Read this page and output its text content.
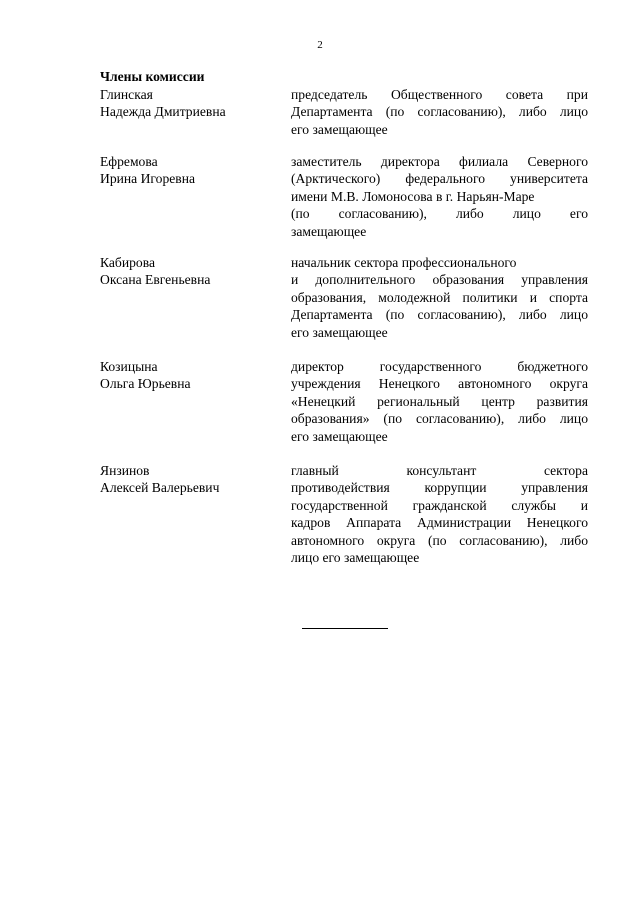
2
Члены комиссии
Глинская
Надежда Дмитриевна
председатель Общественного совета при
Департамента (по согласованию), либо лицо
его замещающее
Ефремова
Ирина Игоревна
заместитель директора филиала Северного
(Арктического) федерального университета
имени М.В. Ломоносова в г. Нарьян-Маре
(по согласованию), либо лицо его
замещающее
Кабирова
Оксана Евгеньевна
начальник сектора профессионального
и дополнительного образования управления
образования, молодежной политики и спорта
Департамента (по согласованию), либо лицо
его замещающее
Козицына
Ольга Юрьевна
директор государственного бюджетного
учреждения Ненецкого автономного округа
«Ненецкий региональный центр развития
образования» (по согласованию), либо лицо
его замещающее
Янзинов
Алексей Валерьевич
главный консультант сектора
противодействия коррупции управления
государственной гражданской службы и
кадров Аппарата Администрации Ненецкого
автономного округа (по согласованию), либо
лицо его замещающее
